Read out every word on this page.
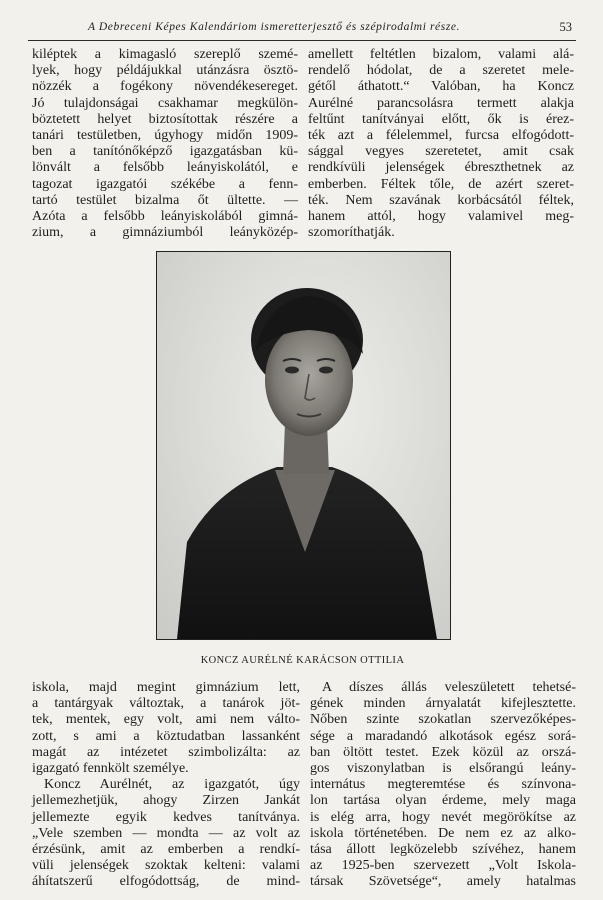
A Debreceni Képes Kalendáriom ismeretterjesztő és szépirodalmi része.	53
kiléptek a kimagasló szereplő szemé-
lyek, hogy példájukkal utánzásra ösztö-
nözzék a fogékony növendékesereget.
Jó tulajdonságai csakhamar megkülön-
böztetett helyet biztosítottak részére a
tanári testületben, úgyhogy midőn 1909-
ben a tanítónőképző igazgatásban kü-
lönvált a felsőbb leányiskolától, e
tagozat igazgatói székébe a fenn-
tartó testület bizalma őt ültette. —
Azóta a felsőbb leányiskolából gimná-
zium, a gimnáziumból leányközép-
amellett feltétlen bizalom, valami alá-
rendelő hódolat, de a szeretet mele-
gétől áthatott.“ Valóban, ha Koncz
Aurélné parancsolásra termett alakja
feltűnt tanítványai előtt, ők is érez-
ték azt a félelemmel, furcsa elfogódott-
sággal vegyes szeretetet, amit csak
rendkívüli jelenségek ébreszthetnek az
emberben. Féltek tőle, de azért szeret-
ték. Nem szavának korbácsától féltek,
hanem attól, hogy valamivel meg-
szomoríthatják.
KONCZ AURÉLNÉ KARÁCSON OTTILIA
iskola, majd megint gimnázium lett,
a tantárgyak változtak, a tanárok jöt-
tek, mentek, egy volt, ami nem válto-
zott, s ami a köztudatban lassanként
magát az intézetet szimbolizálta: az
igazgató fennkölt személye.
Koncz Aurélnét, az igazgatót, úgy
jellemezhetjük, ahogy Zirzen Jankát
jellemezte egyik kedves tanítványa.
„Vele szemben — mondta — az volt az
érzésünk, amit az emberben a rendkí-
vüli jelenségek szoktak kelteni: valami
áhítatszerű elfogódottság, de mind-
A díszes állás veleszületett tehetsé-
gének minden árnyalatát kifejlesztette.
Nőben szinte szokatlan szervezőképes-
sége a maradandó alkotások egész sorá-
ban öltött testet. Ezek közül az orszá-
gos viszonylatban is elsőrangú leány-
internátus megteremtése és színvona-
lon tartása olyan érdeme, mely maga
is elég arra, hogy nevét megörökítse az
iskola történetében. De nem ez az alko-
tása állott legközelebb szívéhez, hanem
az 1925-ben szervezett „Volt Iskola-
társak Szövetsége“, amely hatalmas
